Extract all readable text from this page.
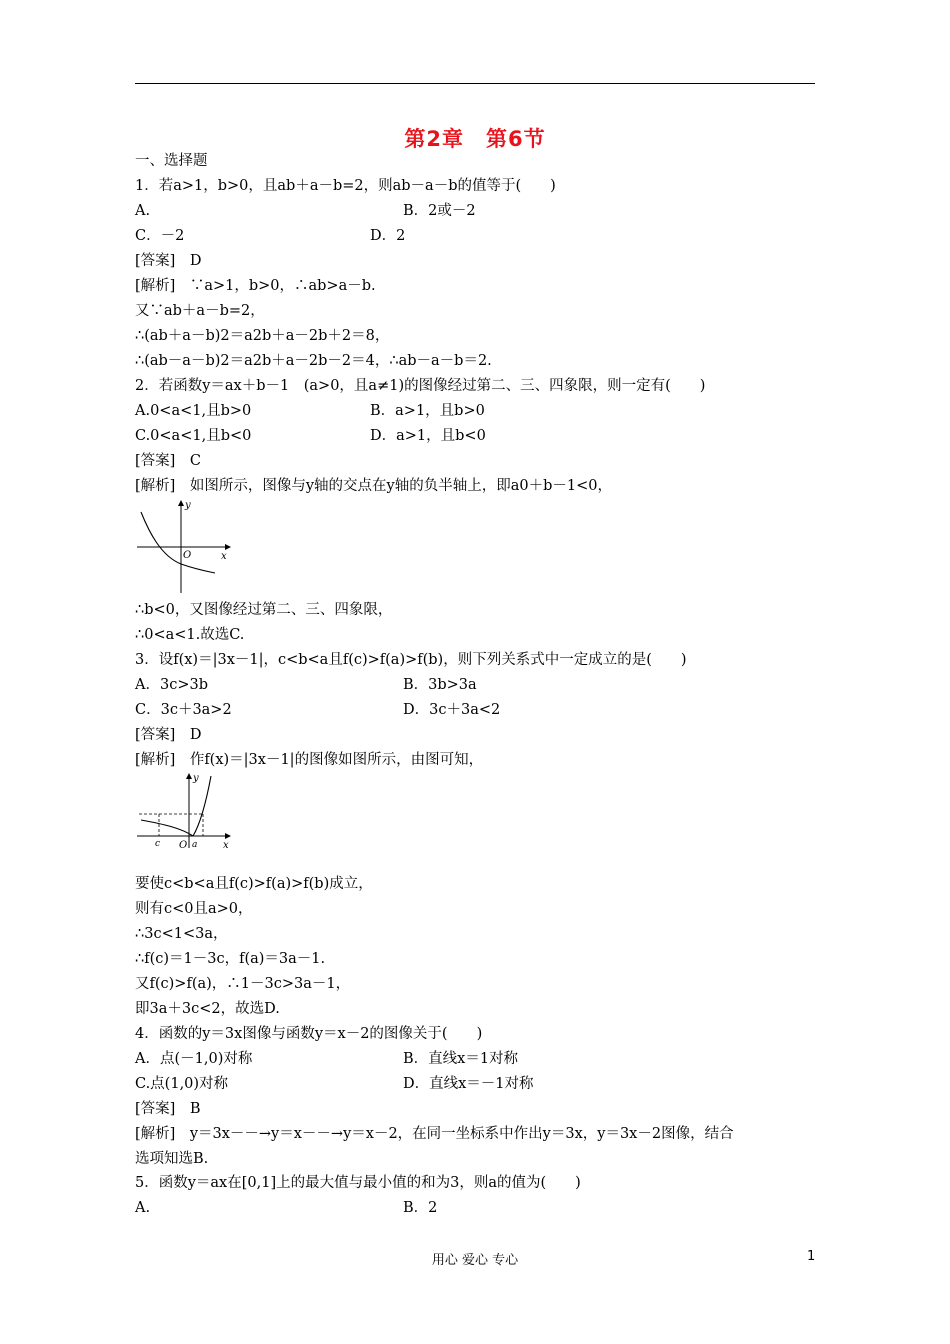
第2章　第6节
一、选择题
1．若a>1，b>0，且ab＋a－b=2，则ab－a－b的值等于(　　)
A.	B．2或－2
C．－2	D．2
[答案]　D
[解析]　∵a>1，b>0，∴ab>a－b.
又∵ab＋a－b=2，
∴(ab＋a－b)2＝a2b＋a－2b＋2＝8，
∴(ab－a－b)2＝a2b＋a－2b－2＝4，∴ab－a－b＝2.
2．若函数y＝ax＋b－1　(a>0，且a≠1)的图像经过第二、三、四象限，则一定有(　　)
A.0<a<1,且b>0	B．a>1，且b>0
C.0<a<1,且b<0	D．a>1，且b<0
[答案]　C
[解析]　如图所示，图像与y轴的交点在y轴的负半轴上，即a0＋b－1<0，
y
O	x
∴b<0，又图像经过第二、三、四象限，
∴0<a<1.故选C.
3．设f(x)＝|3x－1|，c<b<a且f(c)>f(a)>f(b)，则下列关系式中一定成立的是(　　)
A．3c>3b	B．3b>3a
C．3c＋3a>2	D．3c＋3a<2
[答案]　D
[解析]　作f(x)＝|3x－1|的图像如图所示，由图可知，
y
c O a	x
要使c<b<a且f(c)>f(a)>f(b)成立，
则有c<0且a>0，
∴3c<1<3a，
∴f(c)＝1－3c，f(a)＝3a－1.
又f(c)>f(a)，∴1－3c>3a－1，
即3a＋3c<2，故选D.
4．函数的y＝3x图像与函数y＝x－2的图像关于(　　)
A．点(－1,0)对称	B．直线x＝1对称
C.点(1,0)对称	D．直线x＝－1对称
[答案]　B
[解析]　y＝3x－－→y＝x－－→y＝x－2，在同一坐标系中作出y＝3x，y＝3x－2图像，结合
选项知选B.
5．函数y＝ax在[0,1]上的最大值与最小值的和为3，则a的值为(　　)
A.	B．2
用心 爱心 专心	1
